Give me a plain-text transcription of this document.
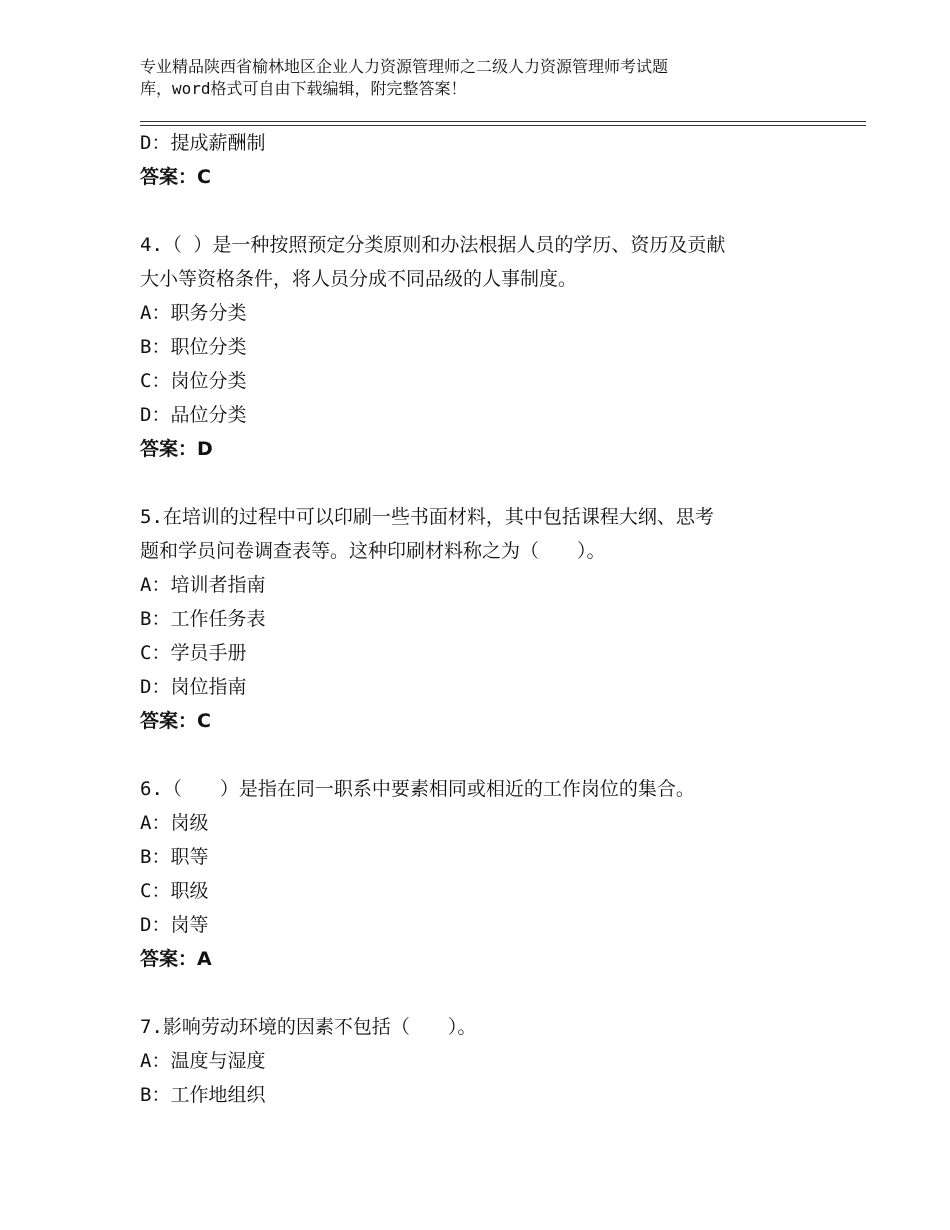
专业精品陕西省榆林地区企业人力资源管理师之二级人力资源管理师考试题
库，word格式可自由下载编辑，附完整答案！
D：提成薪酬制
答案：C
4.（ ）是一种按照预定分类原则和办法根据人员的学历、资历及贡献
大小等资格条件，将人员分成不同品级的人事制度。
A：职务分类
B：职位分类
C：岗位分类
D：品位分类
答案：D
5.在培训的过程中可以印刷一些书面材料，其中包括课程大纲、思考
题和学员问卷调查表等。这种印刷材料称之为（　　）。
A：培训者指南
B：工作任务表
C：学员手册
D：岗位指南
答案：C
6.（　　）是指在同一职系中要素相同或相近的工作岗位的集合。
A：岗级
B：职等
C：职级
D：岗等
答案：A
7.影响劳动环境的因素不包括（　　）。
A：温度与湿度
B：工作地组织
